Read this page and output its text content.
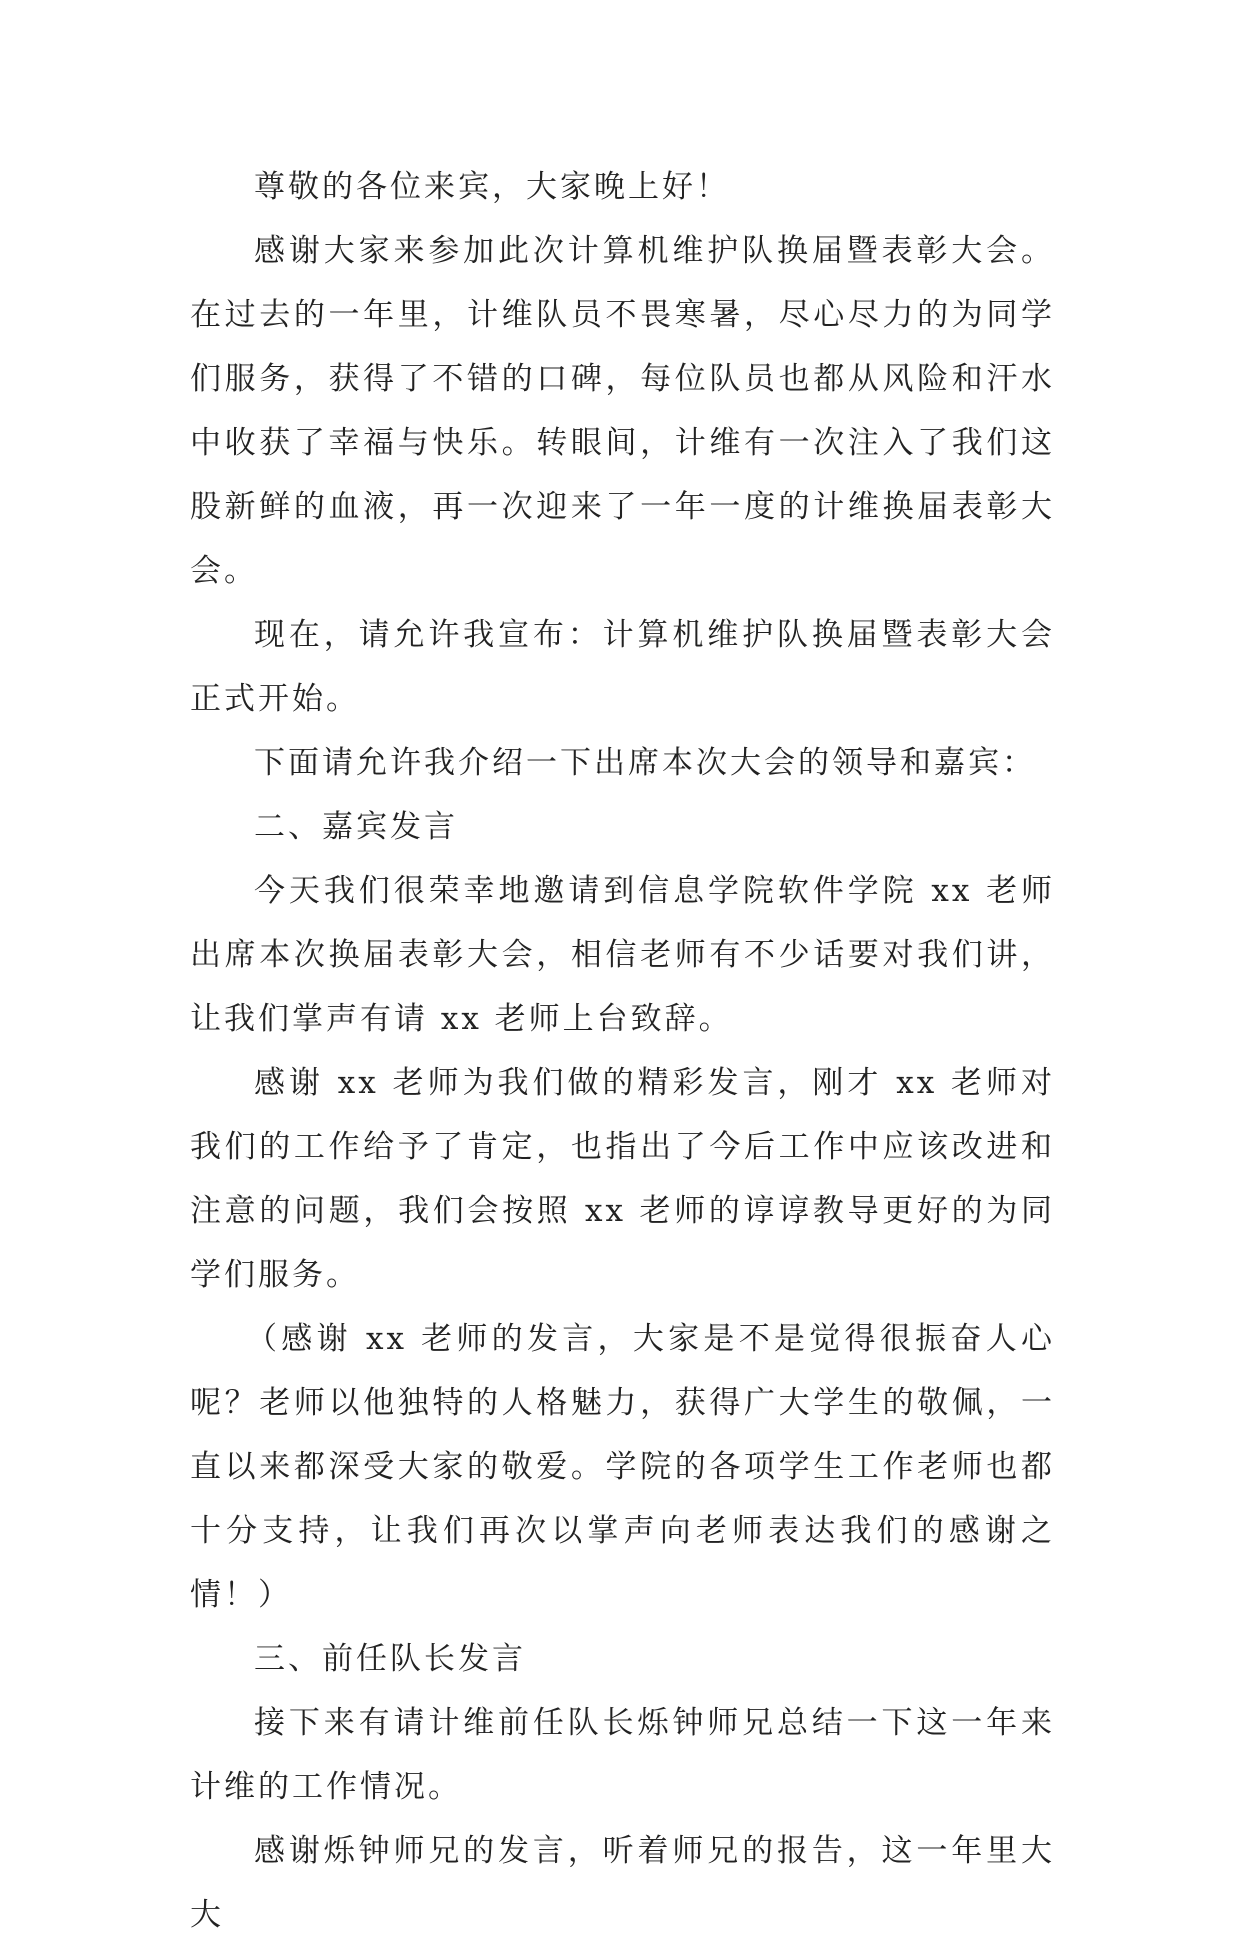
尊敬的各位来宾，大家晚上好！

感谢大家来参加此次计算机维护队换届暨表彰大会。在过去的一年里，计维队员不畏寒暑，尽心尽力的为同学们服务，获得了不错的口碑，每位队员也都从风险和汗水中收获了幸福与快乐。转眼间，计维有一次注入了我们这股新鲜的血液，再一次迎来了一年一度的计维换届表彰大会。

现在，请允许我宣布：计算机维护队换届暨表彰大会正式开始。

下面请允许我介绍一下出席本次大会的领导和嘉宾：

二、嘉宾发言

今天我们很荣幸地邀请到信息学院软件学院 xx 老师出席本次换届表彰大会，相信老师有不少话要对我们讲，让我们掌声有请 xx 老师上台致辞。

感谢 xx 老师为我们做的精彩发言，刚才 xx 老师对我们的工作给予了肯定，也指出了今后工作中应该改进和注意的问题，我们会按照 xx 老师的谆谆教导更好的为同学们服务。

（感谢 xx 老师的发言，大家是不是觉得很振奋人心呢？老师以他独特的人格魅力，获得广大学生的敬佩，一直以来都深受大家的敬爱。学院的各项学生工作老师也都十分支持，让我们再次以掌声向老师表达我们的感谢之情！）

三、前任队长发言

接下来有请计维前任队长烁钟师兄总结一下这一年来计维的工作情况。

感谢烁钟师兄的发言，听着师兄的报告，这一年里大大
